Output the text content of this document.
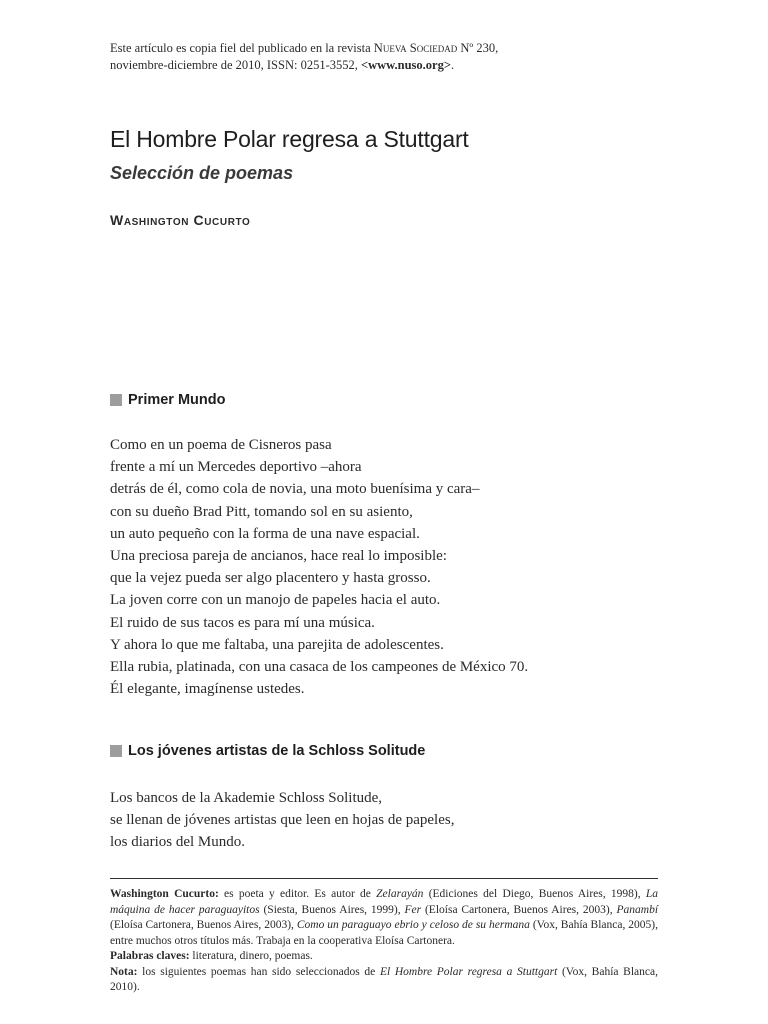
Este artículo es copia fiel del publicado en la revista Nueva Sociedad Nº 230,
noviembre-diciembre de 2010, ISSN: 0251-3552, <www.nuso.org>.
El Hombre Polar regresa a Stuttgart
Selección de poemas
Washington Cucurto
Primer Mundo
Como en un poema de Cisneros pasa
frente a mí un Mercedes deportivo –ahora
detrás de él, como cola de novia, una moto buenísima y cara–
con su dueño Brad Pitt, tomando sol en su asiento,
un auto pequeño con la forma de una nave espacial.
Una preciosa pareja de ancianos, hace real lo imposible:
que la vejez pueda ser algo placentero y hasta grosso.
La joven corre con un manojo de papeles hacia el auto.
El ruido de sus tacos es para mí una música.
Y ahora lo que me faltaba, una parejita de adolescentes.
Ella rubia, platinada, con una casaca de los campeones de México 70.
Él elegante, imagínense ustedes.
Los jóvenes artistas de la Schloss Solitude
Los bancos de la Akademie Schloss Solitude,
se llenan de jóvenes artistas que leen en hojas de papeles,
los diarios del Mundo.

Washington Cucurto: es poeta y editor. Es autor de Zelarayán (Ediciones del Diego, Buenos Aires, 1998), La máquina de hacer paraguayitos (Siesta, Buenos Aires, 1999), Fer (Eloísa Cartonera, Buenos Aires, 2003), Panambí (Eloísa Cartonera, Buenos Aires, 2003), Como un paraguayo ebrio y celoso de su hermana (Vox, Bahía Blanca, 2005), entre muchos otros títulos más. Trabaja en la cooperativa Eloísa Cartonera.

Palabras claves: literatura, dinero, poemas.

Nota: los siguientes poemas han sido seleccionados de El Hombre Polar regresa a Stuttgart (Vox, Bahía Blanca, 2010).
